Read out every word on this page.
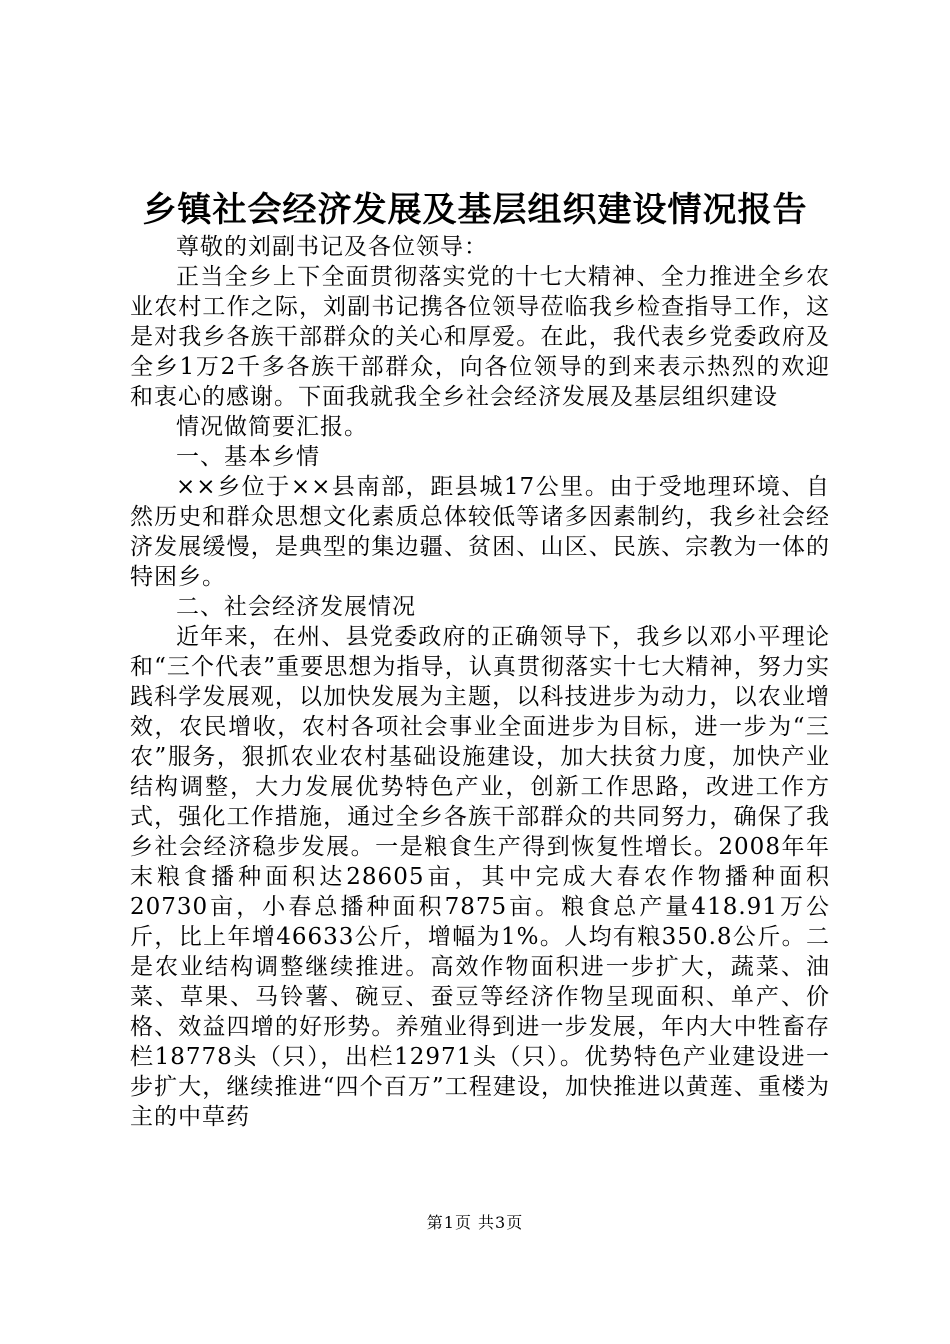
乡镇社会经济发展及基层组织建设情况报告

尊敬的刘副书记及各位领导：

正当全乡上下全面贯彻落实党的十七大精神、全力推进全乡农业农村工作之际，刘副书记携各位领导莅临我乡检查指导工作，这是对我乡各族干部群众的关心和厚爱。在此，我代表乡党委政府及全乡1万2千多各族干部群众，向各位领导的到来表示热烈的欢迎和衷心的感谢。下面我就我全乡社会经济发展及基层组织建设

情况做简要汇报。

一、基本乡情

××乡位于××县南部，距县城17公里。由于受地理环境、自然历史和群众思想文化素质总体较低等诸多因素制约，我乡社会经济发展缓慢，是典型的集边疆、贫困、山区、民族、宗教为一体的特困乡。

二、社会经济发展情况

近年来，在州、县党委政府的正确领导下，我乡以邓小平理论和“三个代表”重要思想为指导，认真贯彻落实十七大精神，努力实践科学发展观，以加快发展为主题，以科技进步为动力，以农业增效，农民增收，农村各项社会事业全面进步为目标，进一步为“三农”服务，狠抓农业农村基础设施建设，加大扶贫力度，加快产业结构调整，大力发展优势特色产业，创新工作思路，改进工作方式，强化工作措施，通过全乡各族干部群众的共同努力，确保了我乡社会经济稳步发展。一是粮食生产得到恢复性增长。2008年年末粮食播种面积达28605亩，其中完成大春农作物播种面积20730亩，小春总播种面积7875亩。粮食总产量418.91万公斤，比上年增46633公斤，增幅为1%。人均有粮350.8公斤。二是农业结构调整继续推进。高效作物面积进一步扩大，蔬菜、油菜、草果、马铃薯、碗豆、蚕豆等经济作物呈现面积、单产、价格、效益四增的好形势。养殖业得到进一步发展，年内大中牲畜存栏18778头（只），出栏12971头（只）。优势特色产业建设进一步扩大，继续推进“四个百万”工程建设，加快推进以黄莲、重楼为主的中草药

第1页 共3页
